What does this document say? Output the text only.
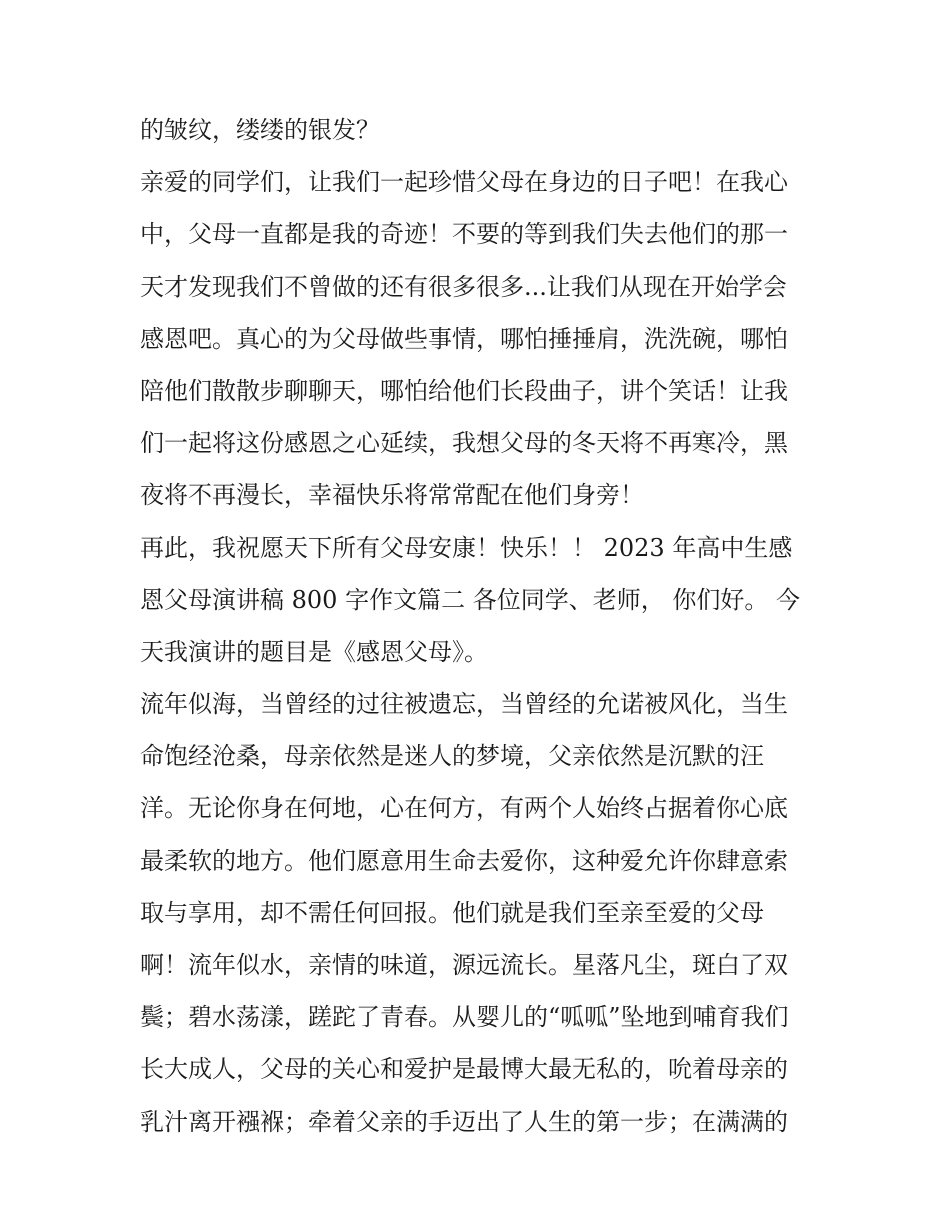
的皱纹，缕缕的银发？
亲爱的同学们，让我们一起珍惜父母在身边的日子吧！在我心
中，父母一直都是我的奇迹！不要的等到我们失去他们的那一
天才发现我们不曾做的还有很多很多...让我们从现在开始学会
感恩吧。真心的为父母做些事情，哪怕捶捶肩，洗洗碗，哪怕
陪他们散散步聊聊天，哪怕给他们长段曲子，讲个笑话！让我
们一起将这份感恩之心延续，我想父母的冬天将不再寒冷，黑
夜将不再漫长，幸福快乐将常常配在他们身旁！
再此，我祝愿天下所有父母安康！快乐！！ 2023 年高中生感
恩父母演讲稿 800 字作文篇二 各位同学、老师， 你们好。 今
天我演讲的题目是《感恩父母》。
流年似海，当曾经的过往被遗忘，当曾经的允诺被风化，当生
命饱经沧桑，母亲依然是迷人的梦境，父亲依然是沉默的汪
洋。无论你身在何地，心在何方，有两个人始终占据着你心底
最柔软的地方。他们愿意用生命去爱你，这种爱允许你肆意索
取与享用，却不需任何回报。他们就是我们至亲至爱的父母
啊！流年似水，亲情的味道，源远流长。星落凡尘，斑白了双
鬓；碧水荡漾，蹉跎了青春。从婴儿的“呱呱”坠地到哺育我们
长大成人，父母的关心和爱护是最博大最无私的，吮着母亲的
乳汁离开襁褓；牵着父亲的手迈出了人生的第一步；在满满的
